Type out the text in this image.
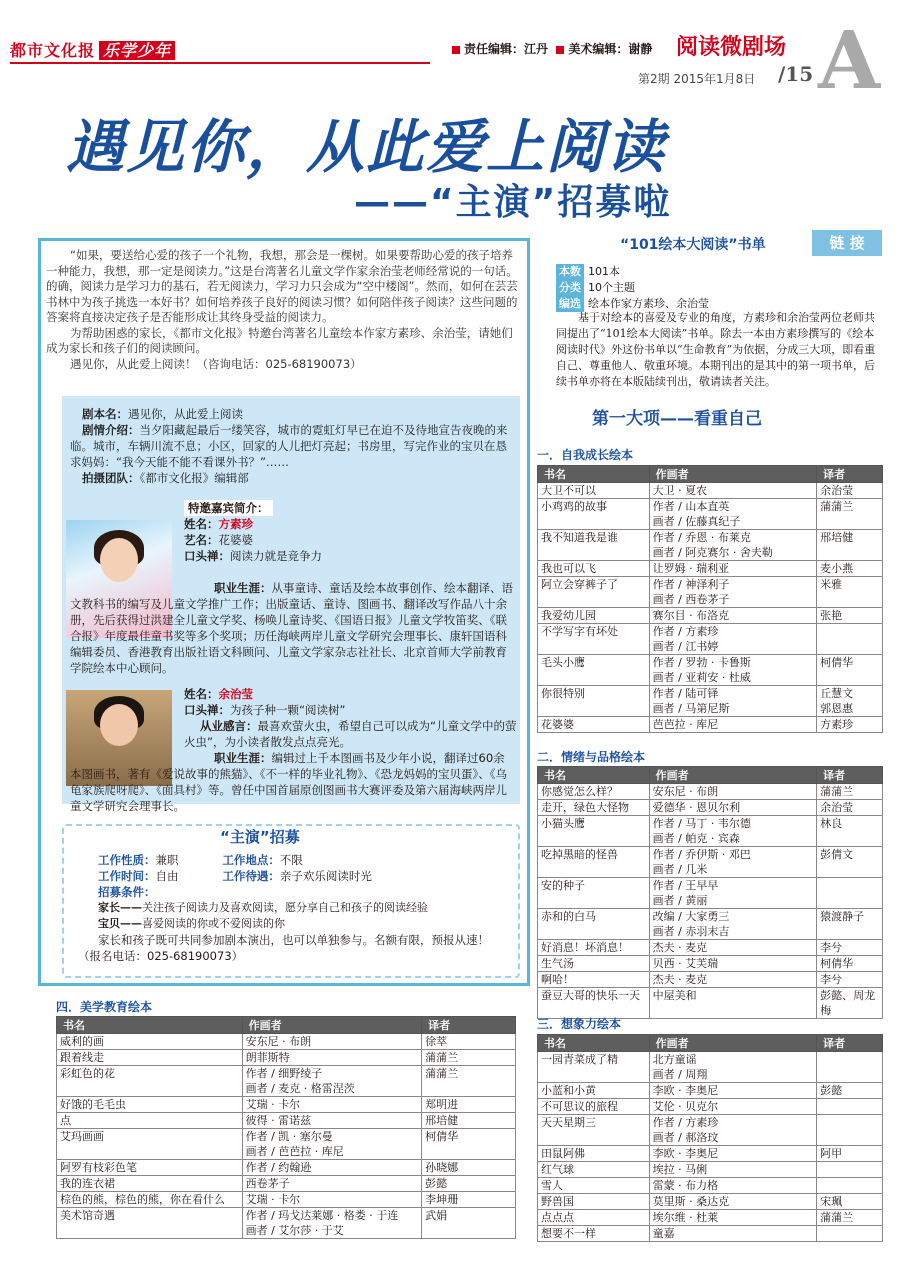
都市文化报 乐学少年	责任编辑：江丹 美术编辑：谢静 阅读微剧场 A
第2期 2015年1月8日 /15
遇见你，从此爱上阅读
——“主演”招募啦

“如果，要送给心爱的孩子一个礼物，我想，那会是一棵树。如果要帮助心爱的孩子培养一种能力，我想，那一定是阅读力。”这是台湾著名儿童文学作家余治莹老师经常说的一句话。的确，阅读力是学习力的基石，若无阅读力，学习力只会成为“空中楼阁”。然而，如何在芸芸书林中为孩子挑选一本好书？如何培养孩子良好的阅读习惯？如何陪伴孩子阅读？这些问题的答案将直接决定孩子是否能形成让其终身受益的阅读力。

为帮助困惑的家长，《都市文化报》特邀台湾著名儿童绘本作家方素珍、余治莹，请她们成为家长和孩子们的阅读顾问。

遇见你，从此爱上阅读！（咨询电话：025-68190073）

剧本名：遇见你，从此爱上阅读
剧情介绍：当夕阳藏起最后一缕笑容，城市的霓虹灯早已在迫不及待地宣告夜晚的来临。城市，车辆川流不息；小区，回家的人儿把灯亮起；书房里，写完作业的宝贝在恳求妈妈：“我今天能不能不看课外书？”……
拍摄团队：《都市文化报》编辑部
特邀嘉宾简介：
姓名：方素珍
艺名：花婆婆
口头禅：阅读力就是竞争力
职业生涯：从事童诗、童话及绘本故事创作、绘本翻译、语文教科书的编写及儿童文学推广工作；出版童话、童诗、图画书、翻译改写作品八十余册，先后获得过洪建全儿童文学奖、杨唤儿童诗奖、《国语日报》儿童文学牧笛奖、《联合报》年度最佳童书奖等多个奖项；历任海峡两岸儿童文学研究会理事长、康轩国语科编辑委员、香港教育出版社语文科顾问、儿童文学家杂志社社长、北京首师大学前教育学院绘本中心顾问。
姓名：余治莹
口头禅：为孩子种一颗“阅读树”
从业感言：最喜欢萤火虫，希望自己可以成为“儿童文学中的萤火虫”，为小读者散发点点亮光。
职业生涯：编辑过上千本图画书及少年小说，翻译过60余本图画书，著有《爱说故事的熊猫》、《不一样的毕业礼物》、《恐龙妈妈的宝贝蛋》、《乌龟家族爬呀爬》、《面具村》等。曾任中国首届原创图画书大赛评委及第六届海峡两岸儿童文学研究会理事长。
“主演”招募
工作性质：兼职	工作地点：不限
工作时间：自由	工作待遇：亲子欢乐阅读时光
招募条件：
家长——关注孩子阅读力及喜欢阅读，愿分享自己和孩子的阅读经验
宝贝——喜爱阅读的你或不爱阅读的你
家长和孩子既可共同参加剧本演出，也可以单独参与。名额有限，预报从速！（报名电话：025-68190073）
“101绘本大阅读”书单	链 接
本数 101本
分类 10个主题
编选 绘本作家方素珍、余治莹
基于对绘本的喜爱及专业的角度，方素珍和余治莹两位老师共同提出了“101绘本大阅读”书单。除去一本由方素珍撰写的《绘本阅读时代》外这份书单以“生命教育”为依据，分成三大项，即看重自己、尊重他人、敬重环境。本期刊出的是其中的第一项书单，后续书单亦将在本版陆续刊出，敬请读者关注。
第一大项——看重自己
一．自我成长绘本
书名	作画者	译者
大卫不可以	大卫 · 夏农	余治莹

小鸡鸡的故事	作者 / 山本直英
画者 / 佐藤真纪子	蒲蒲兰

我不知道我是谁	作者 / 乔恩 · 布莱克
画者 / 阿克赛尔 · 舍夫勒	邢培健

我也可以飞	让罗姆 · 瑞利亚	麦小燕

阿立会穿裤子了	作者 / 神泽利子
画者 / 西卷茅子	米雅

我爱幼儿园	赛尔目 · 布洛克	张艳

不学写字有坏处	作者 / 方素珍
画者 / 江书婷	

毛头小鹰	作者 / 罗勃 · 卡鲁斯
画者 / 亚莉安 · 杜威	柯倩华

你很特别	作者 / 陆可铎
画者 / 马第尼斯	丘慧文
郭恩惠

花婆婆	芭芭拉 · 库尼	方素珍
二．情绪与品格绘本
书名	作画者	译者
你感觉怎么样？	安东尼 · 布朗	蒲蒲兰

走开，绿色大怪物	爱德华 · 恩贝尔利	余治莹

小猫头鹰	作者 / 马丁 · 韦尔德
画者 / 帕克 · 宾森	林良

吃掉黑暗的怪兽	作者 / 乔伊斯 · 邓巴
画者 / 几米	彭倩文

安的种子	作者 / 王早早
画者 / 黄丽	

赤和的白马	改编 / 大家勇三
画者 / 赤羽末吉	猿渡静子

好消息！坏消息！	杰夫 · 麦克	李兮

生气汤	贝西 · 艾芙瑞	柯倩华

啊哈！	杰夫 · 麦克	李兮

蚕豆大哥的快乐一天	中屋美和	彭懿、周龙梅
三．想象力绘本
书名	作画者	译者
一园青菜成了精	北方童谣
画者 / 周翔	

小蓝和小黄	李欧 · 李奥尼	彭懿

不可思议的旅程	艾伦 · 贝克尔	

天天星期三	作者 / 方素珍
画者 / 郝洛玟	

田鼠阿佛	李欧 · 李奥尼	阿甲

红气球	埃拉 · 马俐	

雪人	雷蒙 · 布力格	

野兽国	莫里斯 · 桑达克	宋珮

点点点	埃尔维 · 杜莱	蒲蒲兰

想要不一样	童嘉	

四．美学教育绘本
书名	作画者	译者
威利的画	安东尼 · 布朗	徐萃

跟着线走	朗菲斯特	蒲蒲兰

彩虹色的花	作者 / 细野绫子
画者 / 麦克 · 格雷涅茨	蒲蒲兰

好饿的毛毛虫	艾瑞 · 卡尔	郑明进

点	彼得 · 雷诺兹	邢培健

艾玛画画	作者 / 凯 · 塞尔曼
画者 / 芭芭拉 · 库尼	柯倩华

阿罗有枝彩色笔	作者 / 约翰逊	孙晓娜

我的连衣裙	西卷茅子	彭懿

棕色的熊，棕色的熊，你在看什么	艾瑞 · 卡尔	李坤珊

美术馆奇遇	作者 / 玛戈达莱娜 · 格娄 · 于连
画者 / 艾尔莎 · 于艾	武娟
